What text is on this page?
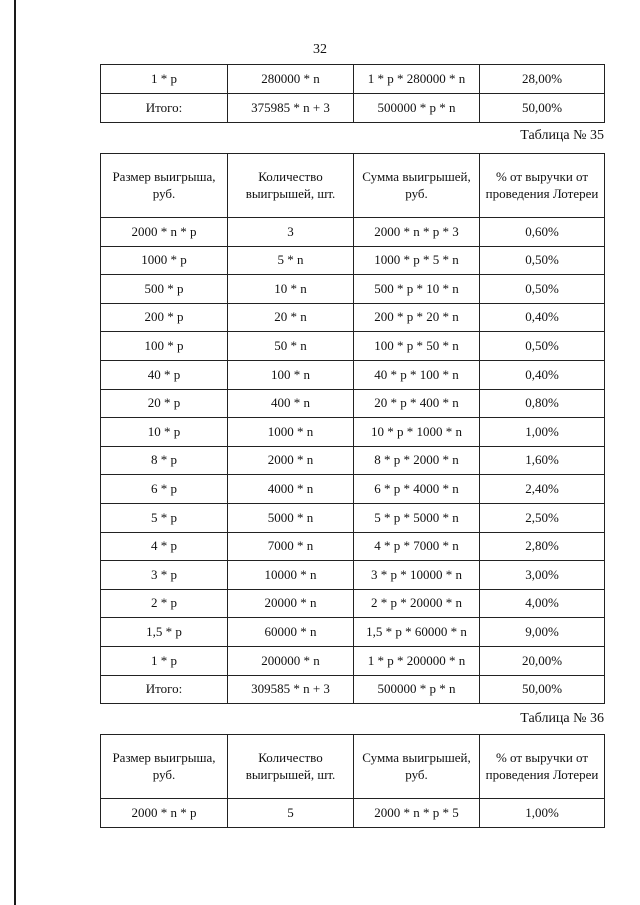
32
1 * p	280000 * n	1 * p * 280000 * n	28,00%
Итого:	375985 * n + 3	500000 * p * n	50,00%
Таблица № 35
Размер выигрыша, руб.	Количество выигрышей, шт.	Сумма выигрышей, руб.	% от выручки от проведения Лотереи
2000 * n * p	3	2000 * n * p * 3	0,60%
1000 * p	5 * n	1000 * p * 5 * n	0,50%
500 * p	10 * n	500 * p * 10 * n	0,50%
200 * p	20 * n	200 * p * 20 * n	0,40%
100 * p	50 * n	100 * p * 50 * n	0,50%
40 * p	100 * n	40 * p * 100 * n	0,40%
20 * p	400 * n	20 * p * 400 * n	0,80%
10 * p	1000 * n	10 * p * 1000 * n	1,00%
8 * p	2000 * n	8 * p * 2000 * n	1,60%
6 * p	4000 * n	6 * p * 4000 * n	2,40%
5 * p	5000 * n	5 * p * 5000 * n	2,50%
4 * p	7000 * n	4 * p * 7000 * n	2,80%
3 * p	10000 * n	3 * p * 10000 * n	3,00%
2 * p	20000 * n	2 * p * 20000 * n	4,00%
1,5 * p	60000 * n	1,5 * p * 60000 * n	9,00%
1 * p	200000 * n	1 * p * 200000 * n	20,00%
Итого:	309585 * n + 3	500000 * p * n	50,00%
Таблица № 36
Размер выигрыша, руб.	Количество выигрышей, шт.	Сумма выигрышей, руб.	% от выручки от проведения Лотереи
2000 * n * p	5	2000 * n * p * 5	1,00%
